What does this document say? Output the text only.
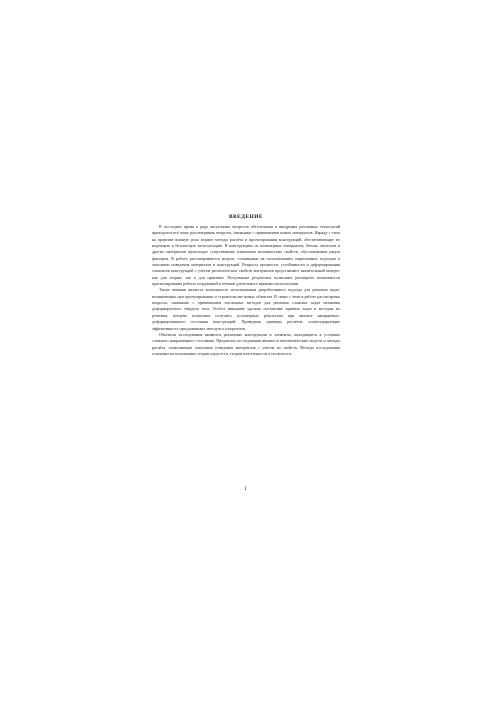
ВВЕДЕНИЕ

В последнее время в ряде актуальных вопросов обеспечения и внедрения различных технологий приходится всё чаще рассматривать вопросы, связанные с применением новых материалов. Наряду с этим на практике важную роль играют методы расчёта и проектирования конструкций, обеспечивающие их надёжную и безопасную эксплуатацию. В конструкциях из полимерных материалов, бетона, металлов и других материалов происходят существенные изменения механических свойств, обусловленные рядом факторов. В работе рассматриваются модели, основанные на использовании современных подходов к описанию поведения материалов и конструкций. Вопросы прочности, устойчивости и деформирования элементов конструкций с учётом реологических свойств материалов представляют значительный интерес как для теории, так и для практики. Полученные результаты позволяют расширить возможности прогнозирования работы сооружений в течение длительного времени эксплуатации.

Также важным является возможность использования разработанного подхода для решения задач, возникающих при проектировании и строительстве новых объектов. В связи с этим в работе рассмотрены вопросы, связанные с применением численных методов для решения сложных задач механики деформируемого твёрдого тела. Особое внимание уделено постановке краевых задач и методам их решения, которые позволяют получить достоверные результаты при анализе напряжённо-деформированного состояния конструкций. Приведены примеры расчётов, иллюстрирующие эффективность предложенных методов и алгоритмов.

Объектом исследования являются различные конструкции и элементы, находящиеся в условиях сложного напряжённого состояния. Предметом исследования являются математические модели и методы расчёта, позволяющие описывать поведение материалов с учётом их свойств. Методы исследования основаны на положениях теории упругости, теории пластичности и ползучести.

1
